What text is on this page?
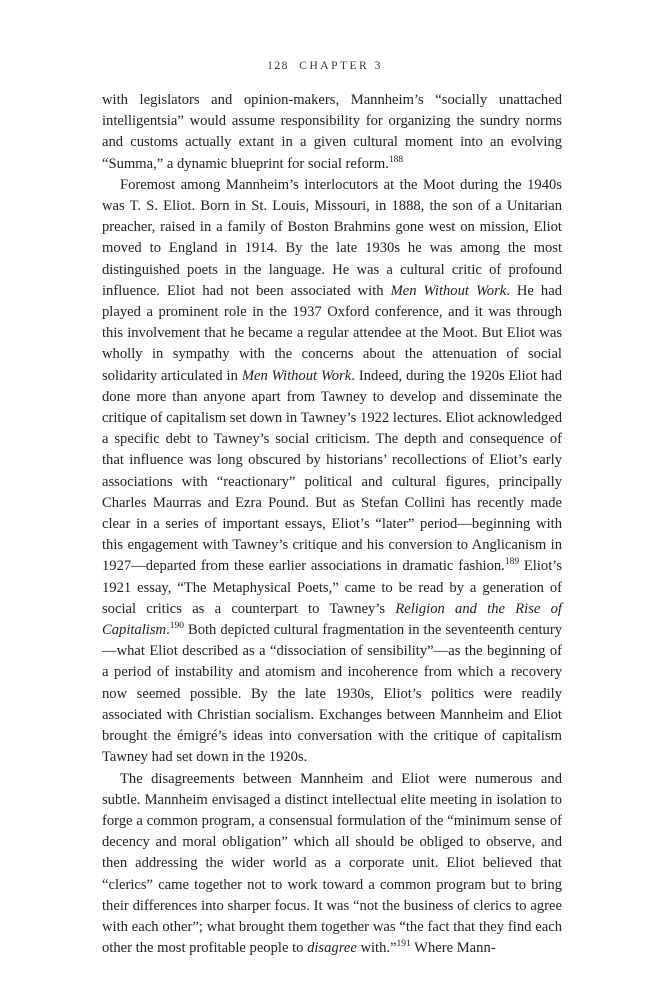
128 CHAPTER 3

with legislators and opinion-makers, Mannheim’s “socially unattached intelligentsia” would assume responsibility for organizing the sundry norms and customs actually extant in a given cultural moment into an evolving “Summa,” a dynamic blueprint for social reform.$^{188}$

Foremost among Mannheim’s interlocutors at the Moot during the 1940s was T. S. Eliot. Born in St. Louis, Missouri, in 1888, the son of a Unitarian preacher, raised in a family of Boston Brahmins gone west on mission, Eliot moved to England in 1914. By the late 1930s he was among the most distinguished poets in the language. He was a cultural critic of profound influence. Eliot had not been associated with Men Without Work. He had played a prominent role in the 1937 Oxford conference, and it was through this involvement that he became a regular attendee at the Moot. But Eliot was wholly in sympathy with the concerns about the attenuation of social solidarity articulated in Men Without Work. Indeed, during the 1920s Eliot had done more than anyone apart from Tawney to develop and disseminate the critique of capitalism set down in Tawney’s 1922 lectures. Eliot acknowledged a specific debt to Tawney’s social criticism. The depth and consequence of that influence was long obscured by historians’ recollections of Eliot’s early associations with “reactionary” political and cultural figures, principally Charles Maurras and Ezra Pound. But as Stefan Collini has recently made clear in a series of important essays, Eliot’s “later” period—beginning with this engagement with Tawney’s critique and his conversion to Anglicanism in 1927—departed from these earlier associations in dramatic fashion.$^{189}$ Eliot’s 1921 essay, “The Metaphysical Poets,” came to be read by a generation of social critics as a counterpart to Tawney’s Religion and the Rise of Capitalism.$^{190}$ Both depicted cultural fragmentation in the seventeenth century—what Eliot described as a “dissociation of sensibility”—as the beginning of a period of instability and atomism and incoherence from which a recovery now seemed possible. By the late 1930s, Eliot’s politics were readily associated with Christian socialism. Exchanges between Mannheim and Eliot brought the émigré’s ideas into conversation with the critique of capitalism Tawney had set down in the 1920s.

The disagreements between Mannheim and Eliot were numerous and subtle. Mannheim envisaged a distinct intellectual elite meeting in isolation to forge a common program, a consensual formulation of the “minimum sense of decency and moral obligation” which all should be obliged to observe, and then addressing the wider world as a corporate unit. Eliot believed that “clerics” came together not to work toward a common program but to bring their differences into sharper focus. It was “not the business of clerics to agree with each other”; what brought them together was “the fact that they find each other the most profitable people to disagree with.”$^{191}$ Where Mann-
